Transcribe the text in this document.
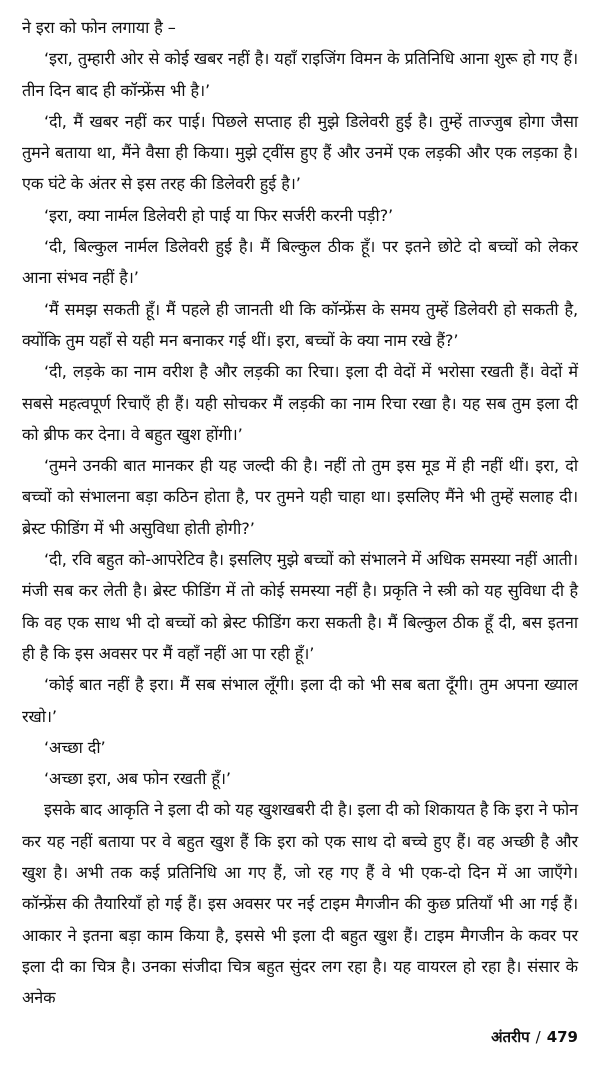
ने इरा को फोन लगाया है –

‘इरा, तुम्हारी ओर से कोई खबर नहीं है। यहाँ राइजिंग विमन के प्रतिनिधि आना शुरू हो गए हैं। तीन दिन बाद ही कॉन्फ्रेंस भी है।’

‘दी, मैं खबर नहीं कर पाई। पिछले सप्ताह ही मुझे डिलेवरी हुई है। तुम्हें ताज्जुब होगा जैसा तुमने बताया था, मैंने वैसा ही किया। मुझे ट्वींस हुए हैं और उनमें एक लड़की और एक लड़का है। एक घंटे के अंतर से इस तरह की डिलेवरी हुई है।’

‘इरा, क्या नार्मल डिलेवरी हो पाई या फिर सर्जरी करनी पड़ी?’

‘दी, बिल्कुल नार्मल डिलेवरी हुई है। मैं बिल्कुल ठीक हूँ। पर इतने छोटे दो बच्चों को लेकर आना संभव नहीं है।’

‘मैं समझ सकती हूँ। मैं पहले ही जानती थी कि कॉन्फ्रेंस के समय तुम्हें डिलेवरी हो सकती है, क्योंकि तुम यहाँ से यही मन बनाकर गई थीं। इरा, बच्चों के क्या नाम रखे हैं?’

‘दी, लड़के का नाम वरीश है और लड़की का रिचा। इला दी वेदों में भरोसा रखती हैं। वेदों में सबसे महत्वपूर्ण रिचाएँ ही हैं। यही सोचकर मैं लड़की का नाम रिचा रखा है। यह सब तुम इला दी को ब्रीफ कर देना। वे बहुत खुश होंगी।’

‘तुमने उनकी बात मानकर ही यह जल्दी की है। नहीं तो तुम इस मूड में ही नहीं थीं। इरा, दो बच्चों को संभालना बड़ा कठिन होता है, पर तुमने यही चाहा था। इसलिए मैंने भी तुम्हें सलाह दी। ब्रेस्ट फीडिंग में भी असुविधा होती होगी?’

‘दी, रवि बहुत को-आपरेटिव है। इसलिए मुझे बच्चों को संभालने में अधिक समस्या नहीं आती। मंजी सब कर लेती है। ब्रेस्ट फीडिंग में तो कोई समस्या नहीं है। प्रकृति ने स्त्री को यह सुविधा दी है कि वह एक साथ भी दो बच्चों को ब्रेस्ट फीडिंग करा सकती है। मैं बिल्कुल ठीक हूँ दी, बस इतना ही है कि इस अवसर पर मैं वहाँ नहीं आ पा रही हूँ।’

‘कोई बात नहीं है इरा। मैं सब संभाल लूँगी। इला दी को भी सब बता दूँगी। तुम अपना ख्याल रखो।’

‘अच्छा दी’

‘अच्छा इरा, अब फोन रखती हूँ।’

इसके बाद आकृति ने इला दी को यह खुशखबरी दी है। इला दी को शिकायत है कि इरा ने फोन कर यह नहीं बताया पर वे बहुत खुश हैं कि इरा को एक साथ दो बच्चे हुए हैं। वह अच्छी है और खुश है। अभी तक कई प्रतिनिधि आ गए हैं, जो रह गए हैं वे भी एक-दो दिन में आ जाएँगे। कॉन्फ्रेंस की तैयारियाँ हो गई हैं। इस अवसर पर नई टाइम मैगजीन की कुछ प्रतियाँ भी आ गई हैं। आकार ने इतना बड़ा काम किया है, इससे भी इला दी बहुत खुश हैं। टाइम मैगजीन के कवर पर इला दी का चित्र है। उनका संजीदा चित्र बहुत सुंदर लग रहा है। यह वायरल हो रहा है। संसार के अनेक

अंतरीप / 479
